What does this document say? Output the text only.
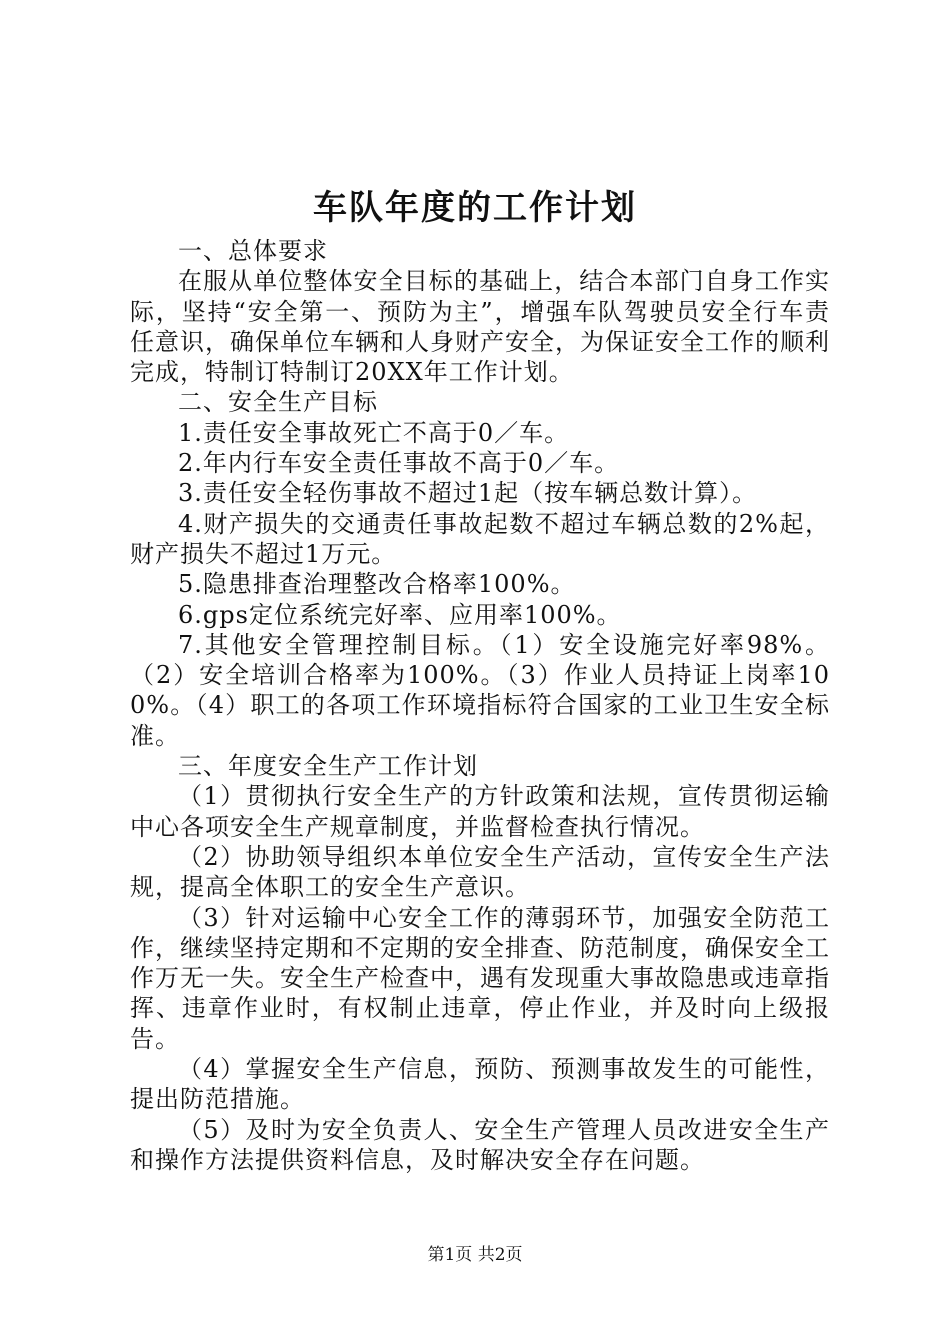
车队年度的工作计划

一、总体要求

在服从单位整体安全目标的基础上，结合本部门自身工作实际，坚持“安全第一、预防为主”，增强车队驾驶员安全行车责任意识，确保单位车辆和人身财产安全，为保证安全工作的顺利完成，特制订特制订20XX年工作计划。

二、安全生产目标

1.责任安全事故死亡不高于0／车。

2.年内行车安全责任事故不高于0／车。

3.责任安全轻伤事故不超过1起（按车辆总数计算）。

4.财产损失的交通责任事故起数不超过车辆总数的2%起，财产损失不超过1万元。

5.隐患排查治理整改合格率100%。

6.gps定位系统完好率、应用率100%。

7.其他安全管理控制目标。（1）安全设施完好率98%。（2）安全培训合格率为100%。（3）作业人员持证上岗率100%。（4）职工的各项工作环境指标符合国家的工业卫生安全标准。

三、年度安全生产工作计划

（1）贯彻执行安全生产的方针政策和法规，宣传贯彻运输中心各项安全生产规章制度，并监督检查执行情况。

（2）协助领导组织本单位安全生产活动，宣传安全生产法规，提高全体职工的安全生产意识。

（3）针对运输中心安全工作的薄弱环节，加强安全防范工作，继续坚持定期和不定期的安全排查、防范制度，确保安全工作万无一失。安全生产检查中，遇有发现重大事故隐患或违章指挥、违章作业时，有权制止违章，停止作业，并及时向上级报告。

（4）掌握安全生产信息，预防、预测事故发生的可能性，提出防范措施。

（5）及时为安全负责人、安全生产管理人员改进安全生产和操作方法提供资料信息，及时解决安全存在问题。

第1页 共2页
